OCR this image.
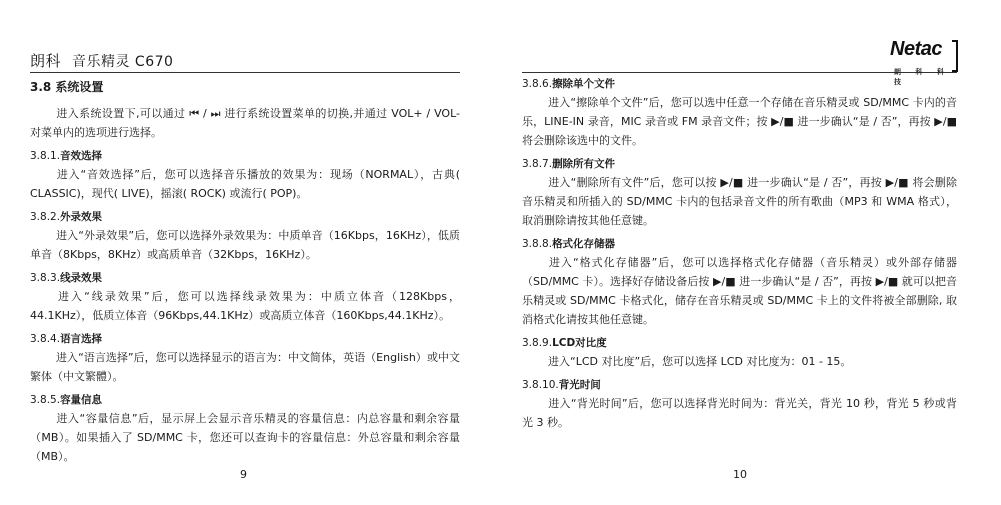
朗科 音乐精灵 C670
Netac
朗 科 科 技

3.8 系统设置

进入系统设置下,可以通过 ⏮ / ⏭ 进行系统设置菜单的切换,并通过 VOL+ / VOL- 对菜单内的选项进行选择。

3.8.1.音效选择

进入“音效选择”后，您可以选择音乐播放的效果为：现场（NORMAL），古典( CLASSIC)，现代( LIVE)，摇滚( ROCK) 或流行( POP)。

3.8.2.外录效果

进入“外录效果”后，您可以选择外录效果为：中质单音（16Kbps，16KHz），低质单音（8Kbps，8KHz）或高质单音（32Kbps，16KHz）。

3.8.3.线录效果

进入“线录效果”后，您可以选择线录效果为：中质立体音（128Kbps，44.1KHz），低质立体音（96Kbps,44.1KHz）或高质立体音（160Kbps,44.1KHz）。

3.8.4.语言选择

进入“语言选择”后，您可以选择显示的语言为：中文简体，英语（English）或中文繁体（中文繁體）。

3.8.5.容量信息

进入“容量信息”后，显示屏上会显示音乐精灵的容量信息：内总容量和剩余容量（MB）。如果插入了 SD/MMC 卡，您还可以查询卡的容量信息：外总容量和剩余容量（MB）。

3.8.6.擦除单个文件

进入“擦除单个文件”后，您可以选中任意一个存储在音乐精灵或 SD/MMC 卡内的音乐，LINE-IN 录音，MIC 录音或 FM 录音文件；按 ▶/■ 进一步确认“是 / 否”，再按 ▶/■ 将会删除该选中的文件。

3.8.7.删除所有文件

进入“删除所有文件”后，您可以按 ▶/■ 进一步确认“是 / 否”，再按 ▶/■ 将会删除音乐精灵和所插入的 SD/MMC 卡内的包括录音文件的所有歌曲（MP3 和 WMA 格式），取消删除请按其他任意键。

3.8.8.格式化存储器

进入“格式化存储器”后，您可以选择格式化存储器（音乐精灵）或外部存储器（SD/MMC 卡）。选择好存储设备后按 ▶/■ 进一步确认“是 / 否”，再按 ▶/■ 就可以把音乐精灵或 SD/MMC 卡格式化，储存在音乐精灵或 SD/MMC 卡上的文件将被全部删除, 取消格式化请按其他任意键。

3.8.9.LCD对比度

进入“LCD 对比度”后，您可以选择 LCD 对比度为：01 - 15。

3.8.10.背光时间

进入“背光时间”后，您可以选择背光时间为：背光关，背光 10 秒，背光 5 秒或背光 3 秒。

9	10
